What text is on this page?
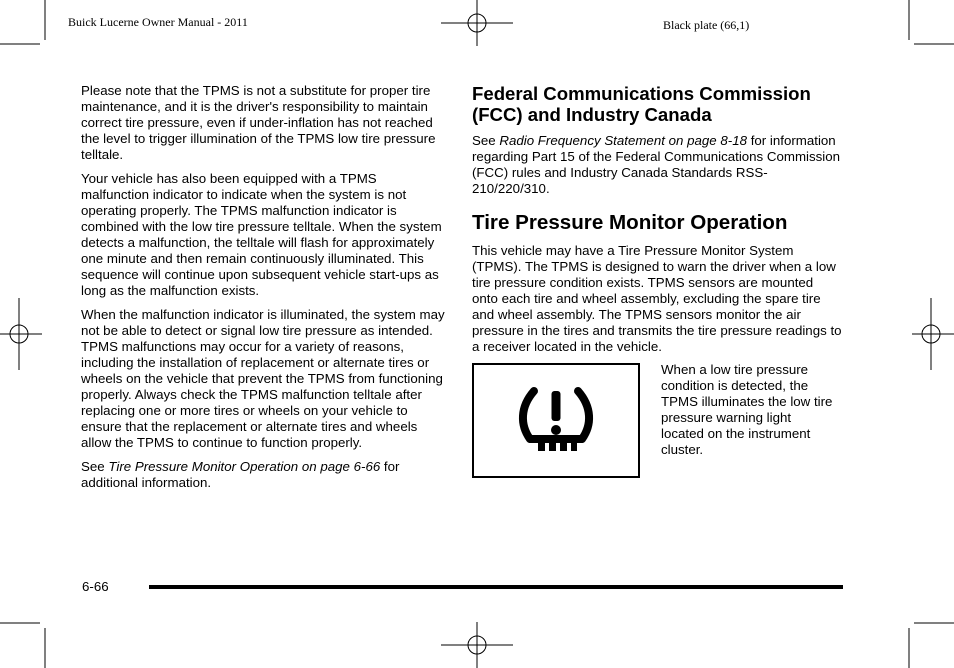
Buick Lucerne Owner Manual - 2011	Black plate (66,1)

Please note that the TPMS is not a substitute for proper tire maintenance, and it is the driver's responsibility to maintain correct tire pressure, even if under-inflation has not reached the level to trigger illumination of the TPMS low tire pressure telltale.

Your vehicle has also been equipped with a TPMS malfunction indicator to indicate when the system is not operating properly. The TPMS malfunction indicator is combined with the low tire pressure telltale. When the system detects a malfunction, the telltale will flash for approximately one minute and then remain continuously illuminated. This sequence will continue upon subsequent vehicle start-ups as long as the malfunction exists.

When the malfunction indicator is illuminated, the system may not be able to detect or signal low tire pressure as intended. TPMS malfunctions may occur for a variety of reasons, including the installation of replacement or alternate tires or wheels on the vehicle that prevent the TPMS from functioning properly. Always check the TPMS malfunction telltale after replacing one or more tires or wheels on your vehicle to ensure that the replacement or alternate tires and wheels allow the TPMS to continue to function properly.

See Tire Pressure Monitor Operation on page 6-66 for additional information.

Federal Communications Commission (FCC) and Industry Canada

See Radio Frequency Statement on page 8-18 for information regarding Part 15 of the Federal Communications Commission (FCC) rules and Industry Canada Standards RSS-210/220/310.

Tire Pressure Monitor Operation

This vehicle may have a Tire Pressure Monitor System (TPMS). The TPMS is designed to warn the driver when a low tire pressure condition exists. TPMS sensors are mounted onto each tire and wheel assembly, excluding the spare tire and wheel assembly. The TPMS sensors monitor the air pressure in the tires and transmits the tire pressure readings to a receiver located in the vehicle.

When a low tire pressure condition is detected, the TPMS illuminates the low tire pressure warning light located on the instrument cluster.
6-66
